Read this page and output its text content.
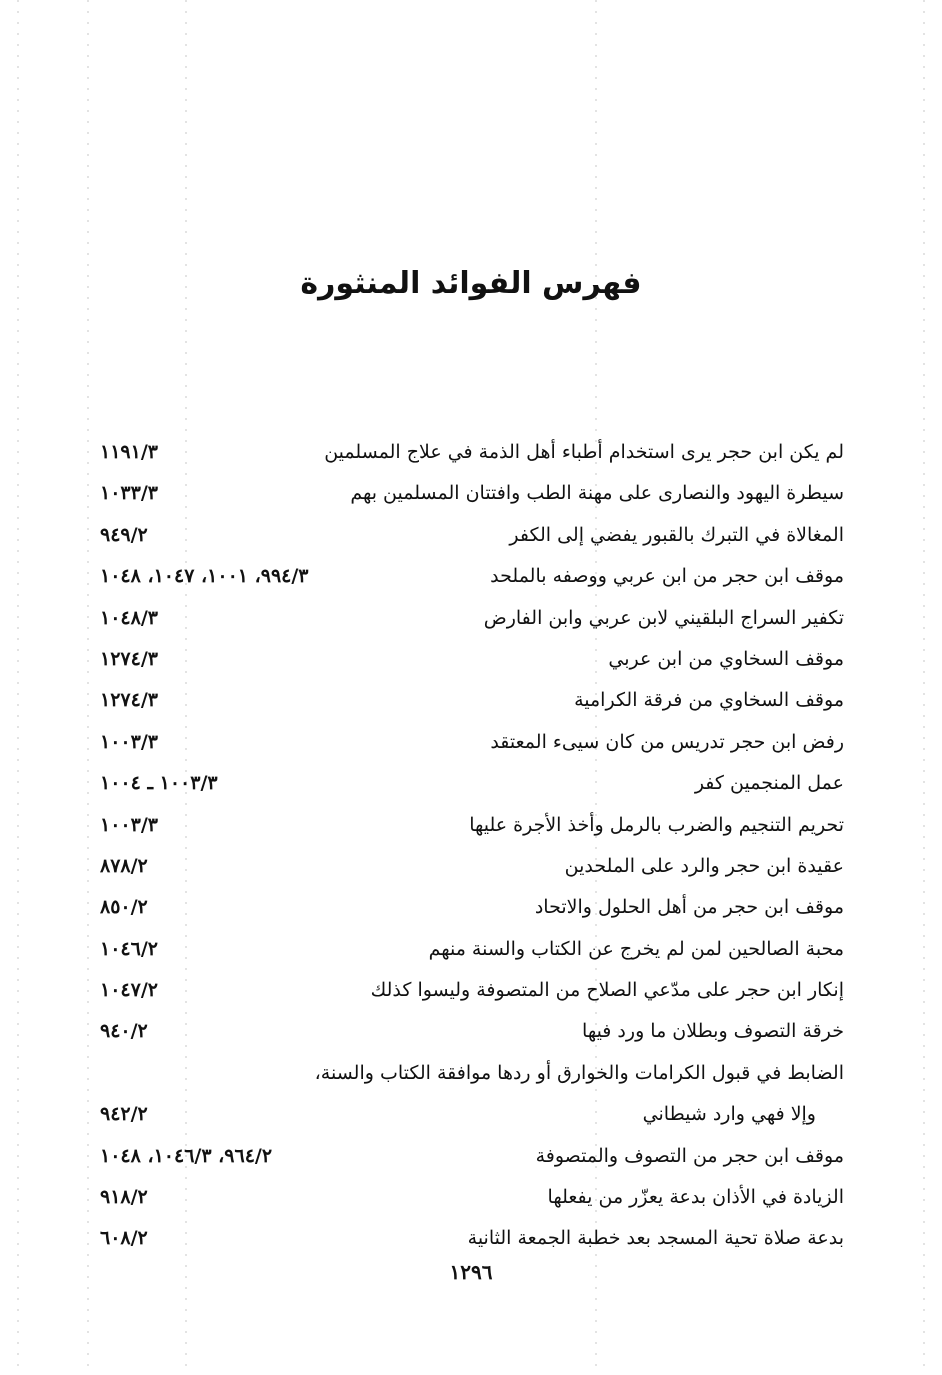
فهرس الفوائد المنثورة
لم يكن ابن حجر يرى استخدام أطباء أهل الذمة في علاج المسلمين
١١٩١/٣
سيطرة اليهود والنصارى على مهنة الطب وافتتان المسلمين بهم
١٠٣٣/٣
المغالاة في التبرك بالقبور يفضي إلى الكفر
٩٤٩/٢
موقف ابن حجر من ابن عربي ووصفه بالملحد
٩٩٤/٣، ١٠٠١، ١٠٤٧، ١٠٤٨
تكفير السراج البلقيني لابن عربي وابن الفارض
١٠٤٨/٣
موقف السخاوي من ابن عربي
١٢٧٤/٣
موقف السخاوي من فرقة الكرامية
١٢٧٤/٣
رفض ابن حجر تدريس من كان سيىء المعتقد
١٠٠٣/٣
عمل المنجمين كفر
١٠٠٣/٣ ـ ١٠٠٤
تحريم التنجيم والضرب بالرمل وأخذ الأجرة عليها
١٠٠٣/٣
عقيدة ابن حجر والرد على الملحدين
٨٧٨/٢
موقف ابن حجر من أهل الحلول والاتحاد
٨٥٠/٢
محبة الصالحين لمن لم يخرج عن الكتاب والسنة منهم
١٠٤٦/٢
إنكار ابن حجر على مدّعي الصلاح من المتصوفة وليسوا كذلك
١٠٤٧/٢
خرقة التصوف وبطلان ما ورد فيها
٩٤٠/٢
الضابط في قبول الكرامات والخوارق أو ردها موافقة الكتاب والسنة،
وإلا فهي وارد شيطاني
٩٤٢/٢
موقف ابن حجر من التصوف والمتصوفة
٩٦٤/٢، ١٠٤٦/٣، ١٠٤٨
الزيادة في الأذان بدعة يعزّر من يفعلها
٩١٨/٢
بدعة صلاة تحية المسجد بعد خطبة الجمعة الثانية
٦٠٨/٢
١٢٩٦
